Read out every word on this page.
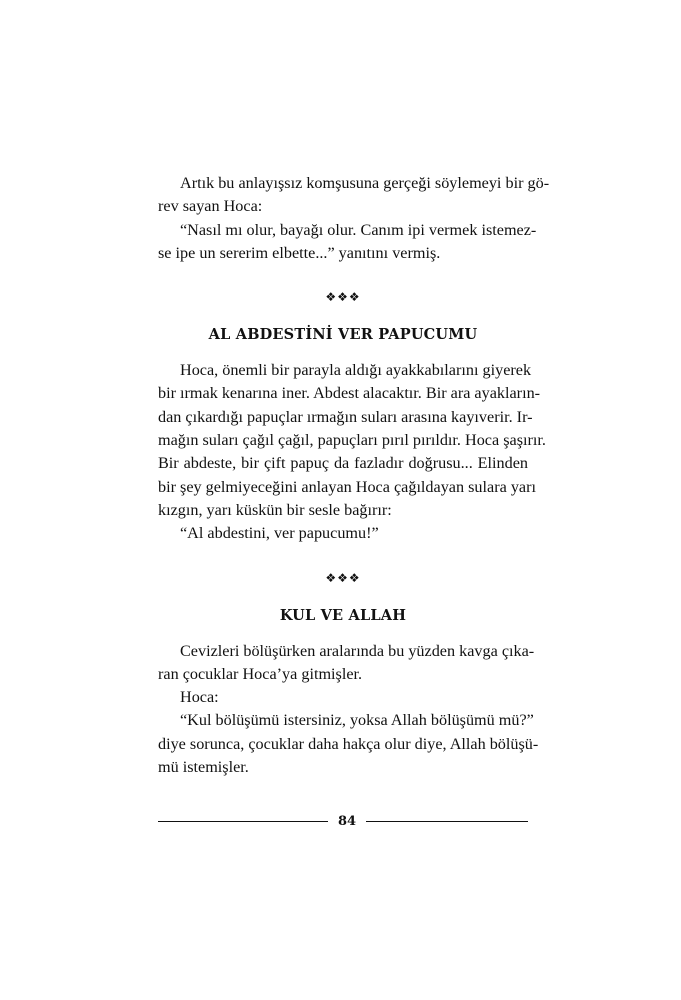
Artık bu anlayışsız komşusuna gerçeği söylemeyi bir gö-
rev sayan Hoca:
“Nasıl mı olur, bayağı olur. Canım ipi vermek istemez-
se ipe un sererim elbette...” yanıtını vermiş.
❖❖❖
AL ABDESTİNİ VER PAPUCUMU
Hoca, önemli bir parayla aldığı ayakkabılarını giyerek
bir ırmak kenarına iner. Abdest alacaktır. Bir ara ayakların-
dan çıkardığı papuçlar ırmağın suları arasına kayıverir. Ir-
mağın suları çağıl çağıl, papuçları pırıl pırıldır. Hoca şaşırır.
Bir abdeste, bir çift papuç da fazladır doğrusu... Elinden
bir şey gelmiyeceğini anlayan Hoca çağıldayan sulara yarı
kızgın, yarı küskün bir sesle bağırır:
“Al abdestini, ver papucumu!”
❖❖❖
KUL VE ALLAH
Cevizleri bölüşürken aralarında bu yüzden kavga çıka-
ran çocuklar Hoca’ya gitmişler.
Hoca:
“Kul bölüşümü istersiniz, yoksa Allah bölüşümü mü?”
diye sorunca, çocuklar daha hakça olur diye, Allah bölüşü-
mü istemişler.
84
